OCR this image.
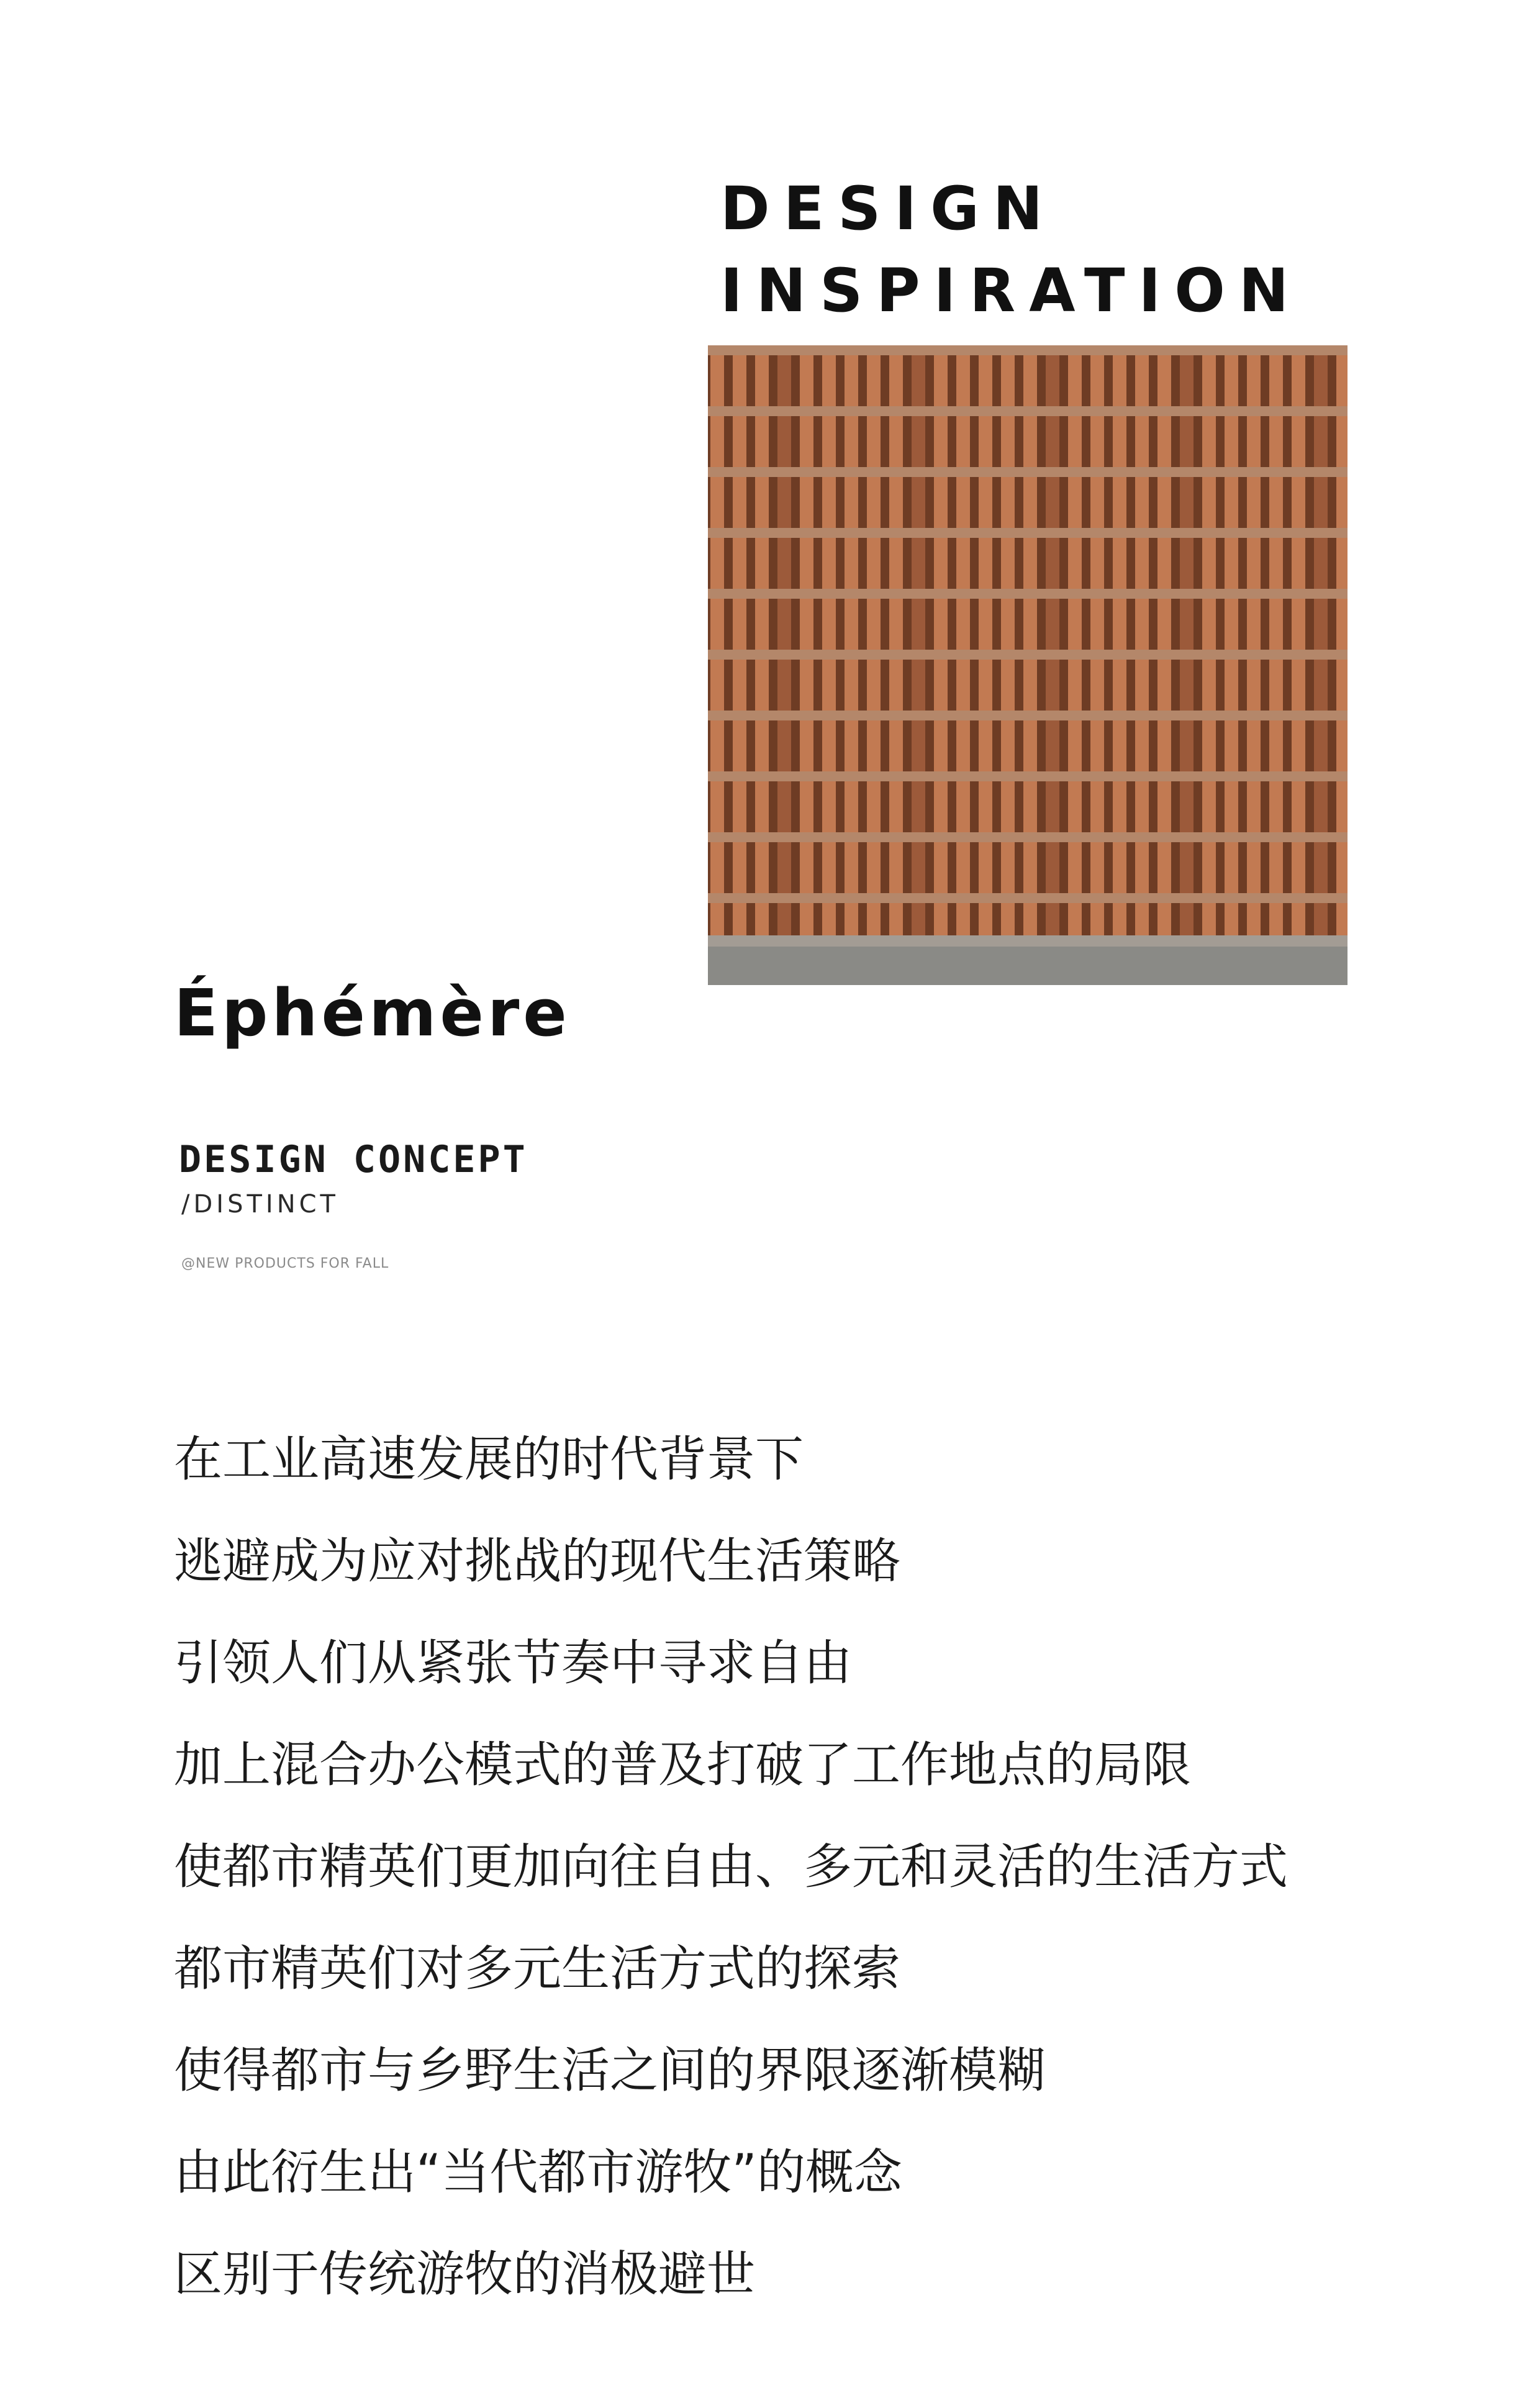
DESIGN
INSPIRATION
Éphémère
DESIGN CONCEPT
/DISTINCT
@NEW PRODUCTS FOR FALL
在工业高速发展的时代背景下
逃避成为应对挑战的现代生活策略
引领人们从紧张节奏中寻求自由
加上混合办公模式的普及打破了工作地点的局限
使都市精英们更加向往自由、多元和灵活的生活方式
都市精英们对多元生活方式的探索
使得都市与乡野生活之间的界限逐渐模糊
由此衍生出“当代都市游牧”的概念
区别于传统游牧的消极避世
